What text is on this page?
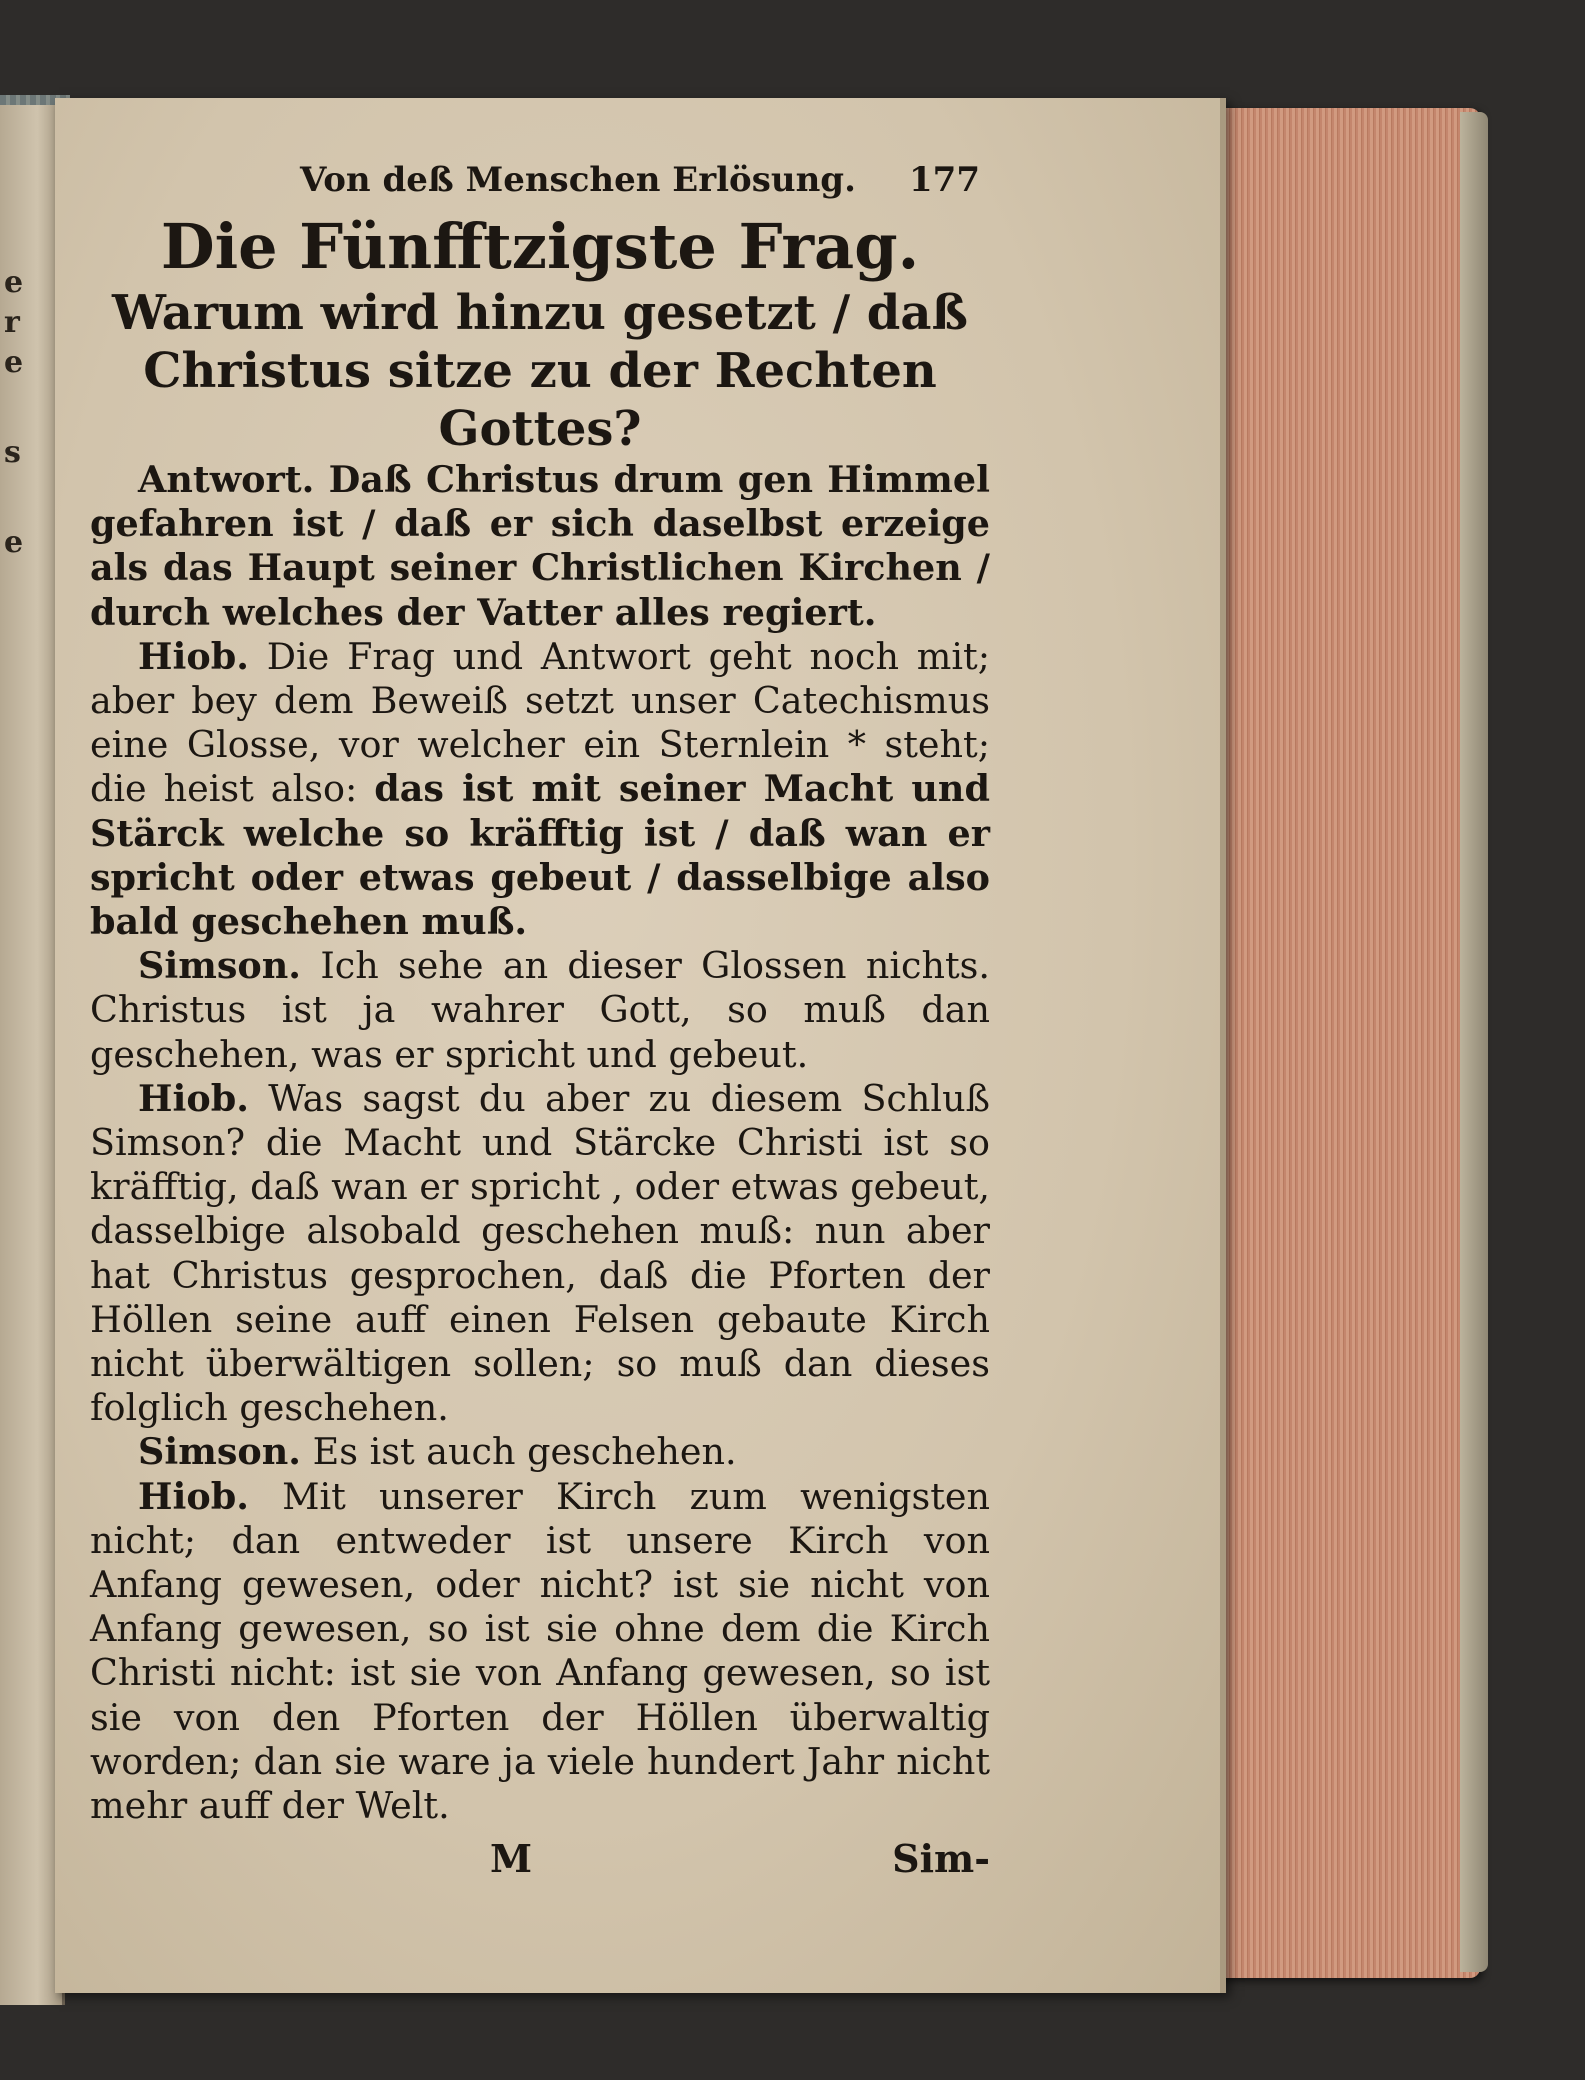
e
r
e
s
e
Von deß Menschen Erlösung. 177

Die Fünfftzigste Frag.

Warum wird hinzu gesetzt / daß Christus sitze zu der Rechten Gottes?

Antwort. Daß Christus drum gen Himmel gefahren ist / daß er sich daselbst erzeige als das Haupt seiner Christlichen Kirchen / durch welches der Vatter alles regiert.

Hiob. Die Frag und Antwort geht noch mit; aber bey dem Beweiß setzt unser Catechismus eine Glosse, vor welcher ein Sternlein * steht; die heist also: das ist mit seiner Macht und Stärck welche so kräfftig ist / daß wan er spricht oder etwas gebeut / dasselbige also bald geschehen muß.

Simson. Ich sehe an dieser Glossen nichts. Christus ist ja wahrer Gott, so muß dan geschehen, was er spricht und gebeut.

Hiob. Was sagst du aber zu diesem Schluß Simson? die Macht und Stärcke Christi ist so kräfftig, daß wan er spricht , oder etwas gebeut, dasselbige alsobald geschehen muß: nun aber hat Christus gesprochen, daß die Pforten der Höllen seine auff einen Felsen gebaute Kirch nicht überwältigen sollen; so muß dan dieses folglich geschehen.

Simson. Es ist auch geschehen.

Hiob. Mit unserer Kirch zum wenigsten nicht; dan entweder ist unsere Kirch von Anfang gewesen, oder nicht? ist sie nicht von Anfang gewesen, so ist sie ohne dem die Kirch Christi nicht: ist sie von Anfang gewesen, so ist sie von den Pforten der Höllen überwaltig worden; dan sie ware ja viele hundert Jahr nicht mehr auff der Welt.

M	Sim-
